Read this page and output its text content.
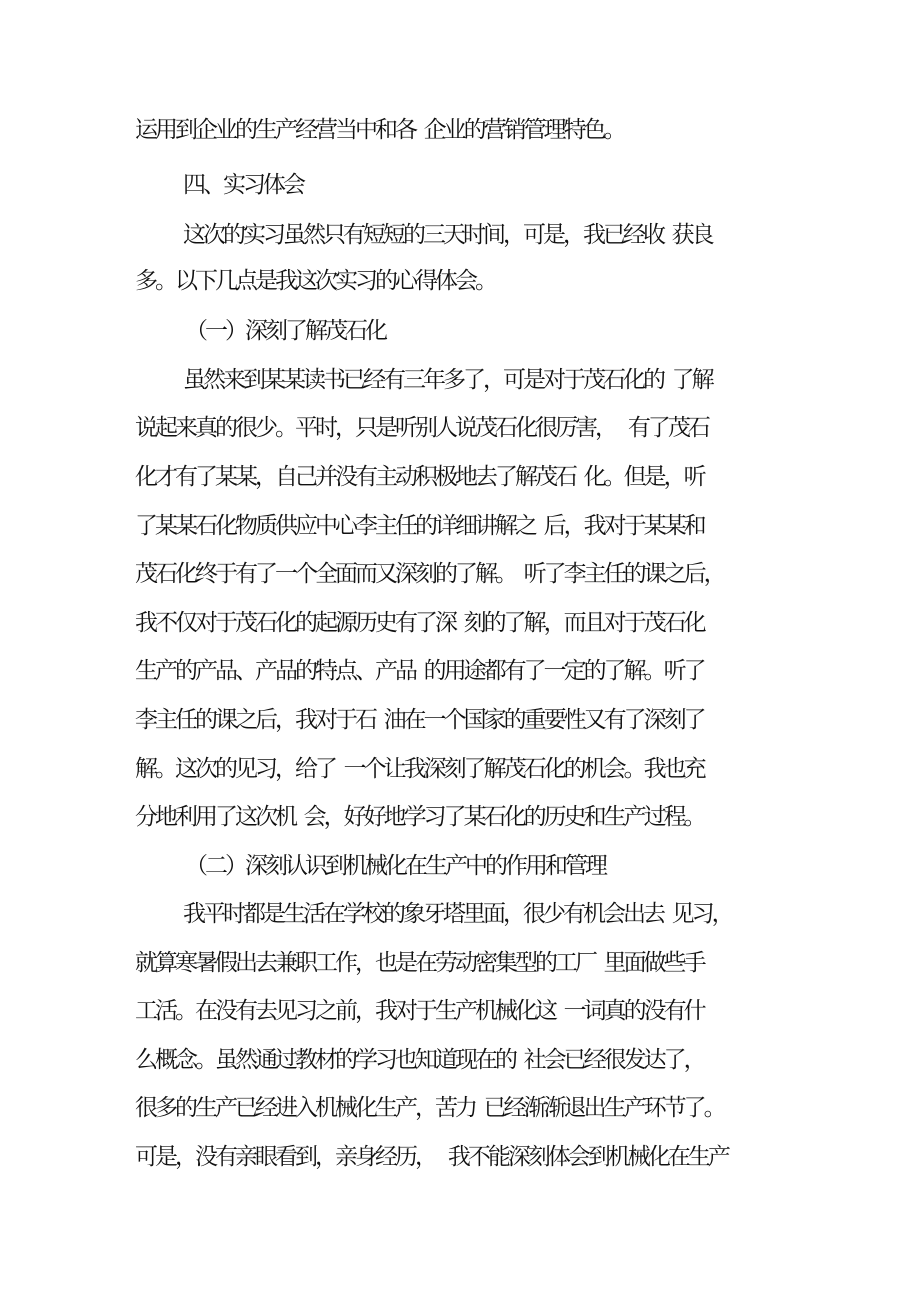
运用到企业的生产经营当中和各  企业的营销管理特色。
四、实习体会
这次的实习虽然只有短短的三天时间，可是，我已经收  获良
多。以下几点是我这次实习的心得体会。
（一）深刻了解茂石化
虽然来到某某读书已经有三年多了，可是对于茂石化的  了解
说起来真的很少。平时，只是听别人说茂石化很厉害，   有了茂石
化才有了某某，自己并没有主动积极地去了解茂石  化。但是，听
了某某石化物质供应中心李主任的详细讲解之  后，我对于某某和
茂石化终于有了一个全面而又深刻的了解。  听了李主任的课之后，
我不仅对于茂石化的起源历史有了深  刻的了解，而且对于茂石化
生产的产品、产品的特点、产品  的用途都有了一定的了解。听了
李主任的课之后，我对于石  油在一个国家的重要性又有了深刻了
解。这次的见习，给了  一个让我深刻了解茂石化的机会。我也充
分地利用了这次机  会，好好地学习了某石化的历史和生产过程。
（二）深刻认识到机械化在生产中的作用和管理
我平时都是生活在学校的象牙塔里面，很少有机会出去  见习，
就算寒暑假出去兼职工作，也是在劳动密集型的工厂  里面做些手
工活。在没有去见习之前，我对于生产机械化这  一词真的没有什
么概念。虽然通过教材的学习也知道现在的  社会已经很发达了，
很多的生产已经进入机械化生产，苦力  已经渐渐退出生产环节了。
可是，没有亲眼看到，亲身经历，   我不能深刻体会到机械化在生产
